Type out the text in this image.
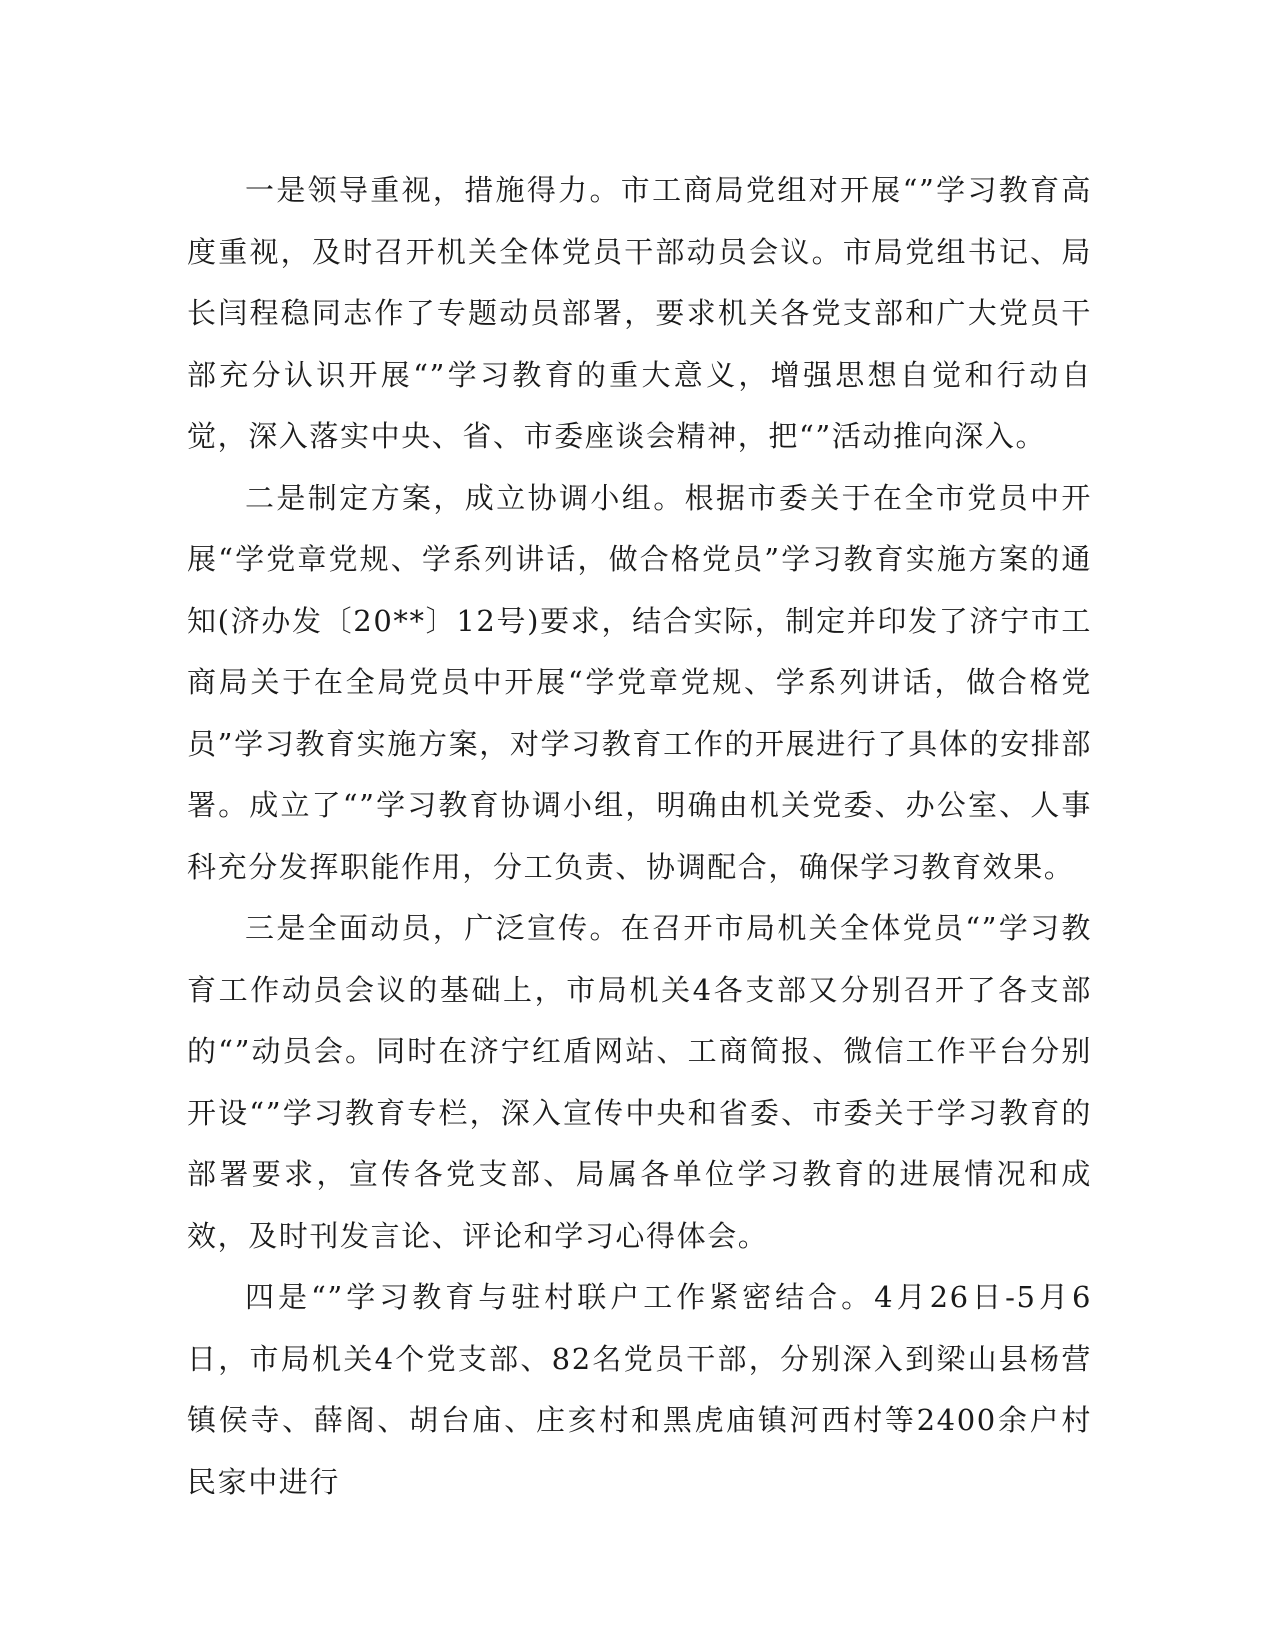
一是领导重视，措施得力。市工商局党组对开展“”学习教育高度重视，及时召开机关全体党员干部动员会议。市局党组书记、局长闫程稳同志作了专题动员部署，要求机关各党支部和广大党员干部充分认识开展“”学习教育的重大意义，增强思想自觉和行动自觉，深入落实中央、省、市委座谈会精神，把“”活动推向深入。

二是制定方案，成立协调小组。根据市委关于在全市党员中开展“学党章党规、学系列讲话，做合格党员”学习教育实施方案的通知(济办发〔20**〕12号)要求，结合实际，制定并印发了济宁市工商局关于在全局党员中开展“学党章党规、学系列讲话，做合格党员”学习教育实施方案，对学习教育工作的开展进行了具体的安排部署。成立了“”学习教育协调小组，明确由机关党委、办公室、人事科充分发挥职能作用，分工负责、协调配合，确保学习教育效果。

三是全面动员，广泛宣传。在召开市局机关全体党员“”学习教育工作动员会议的基础上，市局机关4各支部又分别召开了各支部的“”动员会。同时在济宁红盾网站、工商简报、微信工作平台分别开设“”学习教育专栏，深入宣传中央和省委、市委关于学习教育的部署要求，宣传各党支部、局属各单位学习教育的进展情况和成效，及时刊发言论、评论和学习心得体会。

四是“”学习教育与驻村联户工作紧密结合。4月26日-5月6日，市局机关4个党支部、82名党员干部，分别深入到梁山县杨营镇侯寺、薛阁、胡台庙、庄亥村和黑虎庙镇河西村等2400余户村民家中进行
